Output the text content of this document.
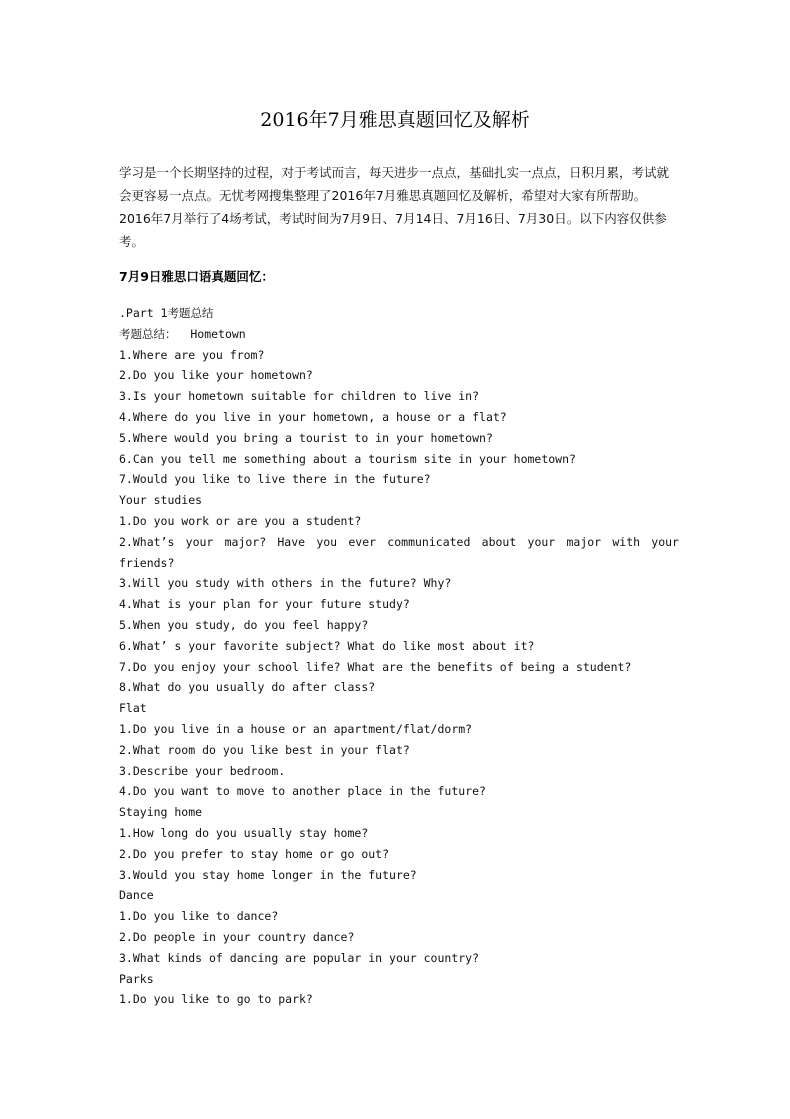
2016年7月雅思真题回忆及解析

学习是一个长期坚持的过程，对于考试而言，每天进步一点点，基础扎实一点点，日积月累，考试就会更容易一点点。无忧考网搜集整理了2016年7月雅思真题回忆及解析，希望对大家有所帮助。2016年7月举行了4场考试，考试时间为7月9日、7月14日、7月16日、7月30日。以下内容仅供参考。

7月9日雅思口语真题回忆：
.Part 1考题总结
考题总结：  Hometown
1.Where are you from?
2.Do you like your hometown?
3.Is your hometown suitable for children to live in?
4.Where do you live in your hometown, a house or a flat?
5.Where would you bring a tourist to in your hometown?
6.Can you tell me something about a tourism site in your hometown?
7.Would you like to live there in the future?
Your studies
1.Do you work or are you a student?
2.What’s your major? Have you ever communicated about your major with your
friends?
3.Will you study with others in the future? Why?
4.What is your plan for your future study?
5.When you study, do you feel happy?
6.What’ s your favorite subject? What do like most about it?
7.Do you enjoy your school life? What are the benefits of being a student?
8.What do you usually do after class?
Flat
1.Do you live in a house or an apartment/flat/dorm?
2.What room do you like best in your flat?
3.Describe your bedroom.
4.Do you want to move to another place in the future?
Staying home
1.How long do you usually stay home?
2.Do you prefer to stay home or go out?
3.Would you stay home longer in the future?
Dance
1.Do you like to dance?
2.Do people in your country dance?
3.What kinds of dancing are popular in your country?
Parks
1.Do you like to go to park?
